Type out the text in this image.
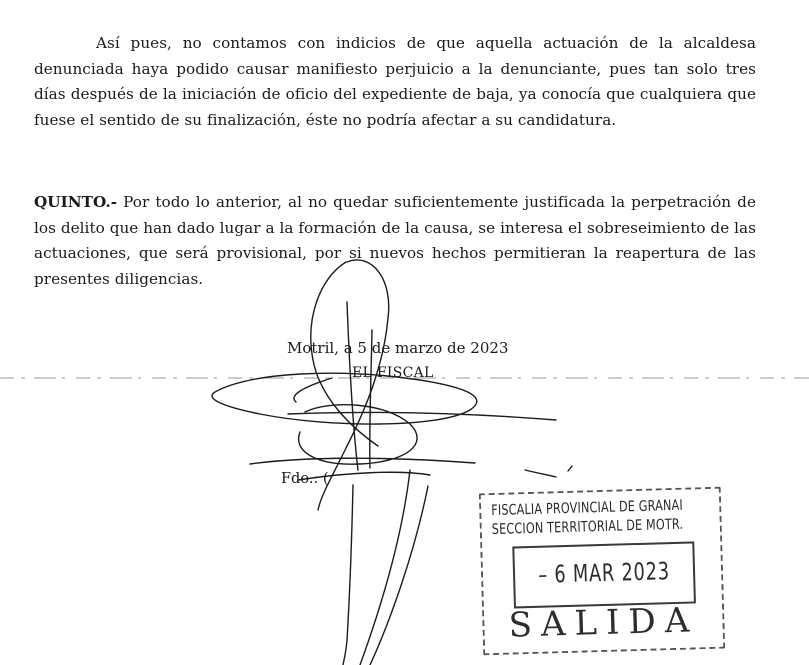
Así pues, no contamos con indicios de que aquella actuación de la alcaldesa denunciada haya podido causar manifiesto perjuicio a la denunciante, pues tan solo tres días después de la iniciación de oficio del expediente de baja, ya conocía que cualquiera que fuese el sentido de su finalización, éste no podría afectar a su candidatura.

QUINTO.- Por todo lo anterior, al no quedar suficientemente justificada la perpetración de los delito que han dado lugar a la formación de la causa, se interesa el sobreseimiento de las actuaciones, que será provisional, por si nuevos hechos permitieran la reapertura de las presentes diligencias.

Motril, a 5 de marzo de 2023
EL FISCAL
Fdo.: (
FISCALIA PROVINCIAL DE GRANAI
SECCION TERRITORIAL DE MOTR.
– 6 MAR 2023
SALIDA
